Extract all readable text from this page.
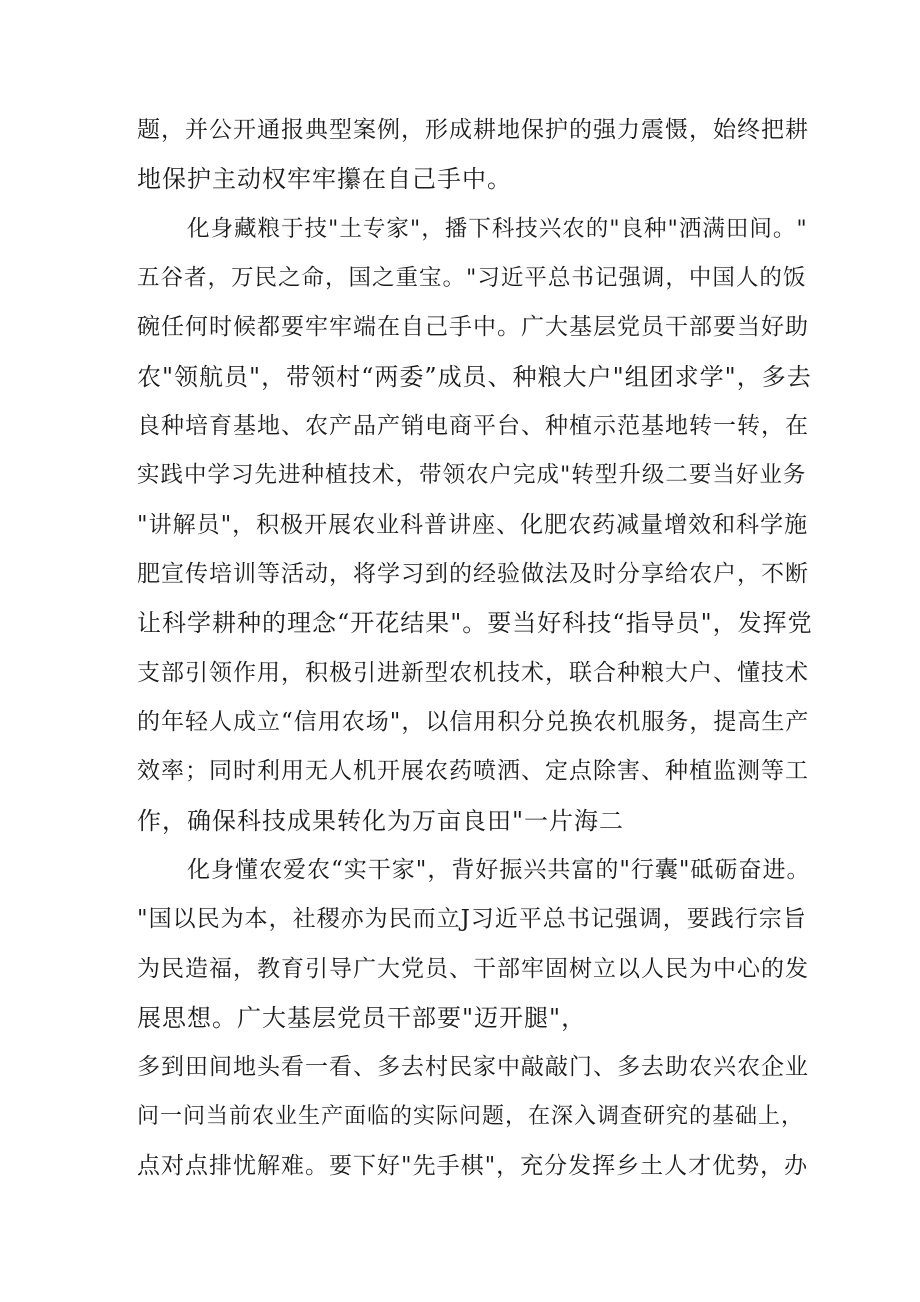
题，并公开通报典型案例，形成耕地保护的强力震慑，始终把耕
地保护主动权牢牢攥在自己手中。
化身藏粮于技"土专家"，播下科技兴农的"良种"洒满田间。"
五谷者，万民之命，国之重宝。"习近平总书记强调，中国人的饭
碗任何时候都要牢牢端在自己手中。广大基层党员干部要当好助
农"领航员"，带领村“两委”成员、种粮大户"组团求学"，多去
良种培育基地、农产品产销电商平台、种植示范基地转一转，在
实践中学习先进种植技术，带领农户完成"转型升级二要当好业务
"讲解员"，积极开展农业科普讲座、化肥农药减量增效和科学施
肥宣传培训等活动，将学习到的经验做法及时分享给农户，不断
让科学耕种的理念“开花结果"。要当好科技“指导员"，发挥党
支部引领作用，积极引进新型农机技术，联合种粮大户、懂技术
的年轻人成立“信用农场"，以信用积分兑换农机服务，提高生产
效率；同时利用无人机开展农药喷洒、定点除害、种植监测等工
作，确保科技成果转化为万亩良田"一片海二
化身懂农爱农“实干家"，背好振兴共富的"行囊"砥砺奋进。
"国以民为本，社稷亦为民而立J习近平总书记强调，要践行宗旨
为民造福，教育引导广大党员、干部牢固树立以人民为中心的发
展思想。广大基层党员干部要"迈开腿"，
多到田间地头看一看、多去村民家中敲敲门、多去助农兴农企业
问一问当前农业生产面临的实际问题，在深入调查研究的基础上，
点对点排忧解难。要下好"先手棋"，充分发挥乡土人才优势，办
